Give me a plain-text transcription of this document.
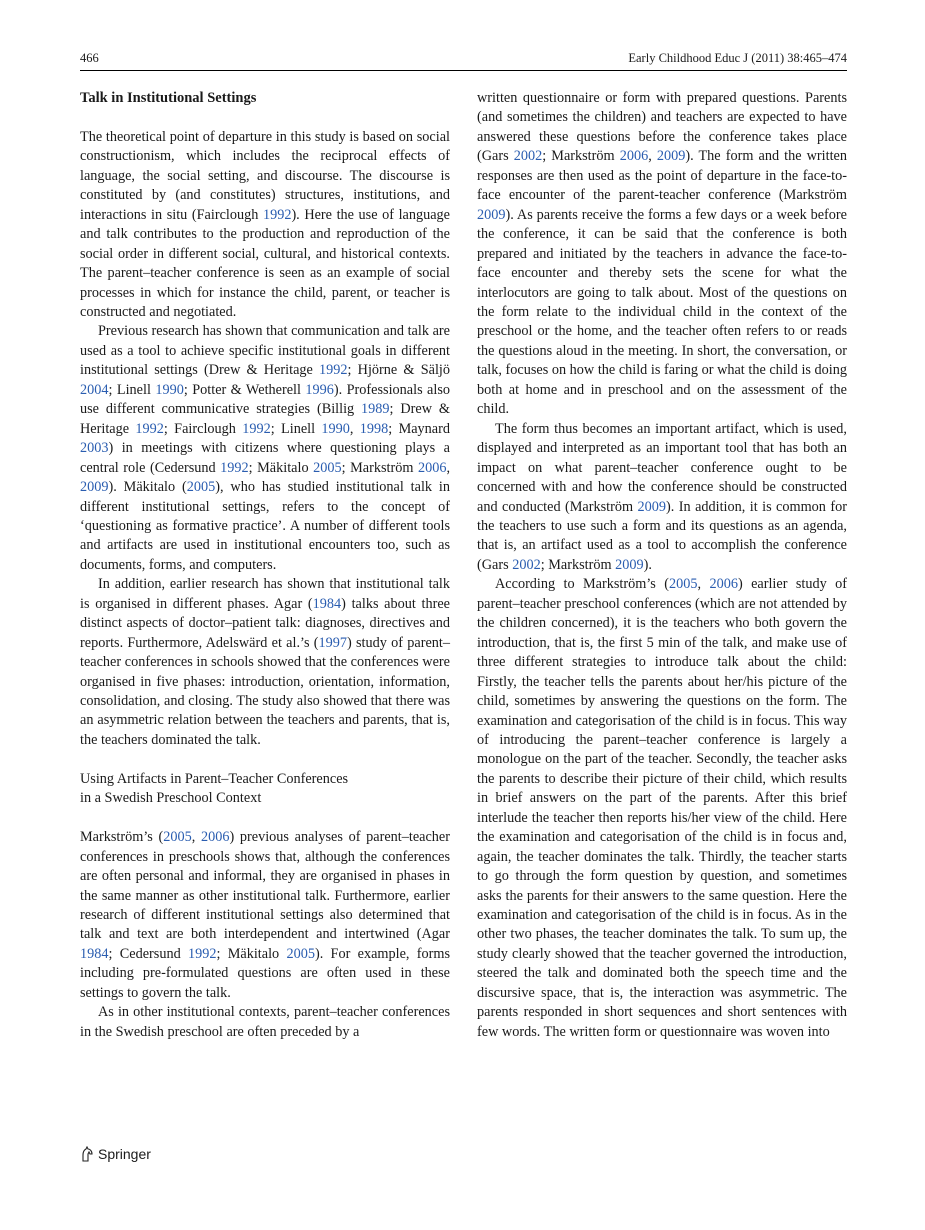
466	Early Childhood Educ J (2011) 38:465–474
Talk in Institutional Settings

The theoretical point of departure in this study is based on social constructionism, which includes the reciprocal effects of language, the social setting, and discourse. The discourse is constituted by (and constitutes) structures, institutions, and interactions in situ (Fairclough 1992). Here the use of language and talk contributes to the production and reproduction of the social order in different social, cultural, and historical contexts. The parent–teacher conference is seen as an example of social processes in which for instance the child, parent, or teacher is constructed and negotiated.

Previous research has shown that communication and talk are used as a tool to achieve specific institutional goals in different institutional settings (Drew & Heritage 1992; Hjörne & Säljö 2004; Linell 1990; Potter & Wetherell 1996). Professionals also use different communicative strategies (Billig 1989; Drew & Heritage 1992; Fairclough 1992; Linell 1990, 1998; Maynard 2003) in meetings with citizens where questioning plays a central role (Cedersund 1992; Mäkitalo 2005; Markström 2006, 2009). Mäkitalo (2005), who has studied institutional talk in different institutional settings, refers to the concept of ‘questioning as formative practice’. A number of different tools and artifacts are used in institutional encounters too, such as documents, forms, and computers.

In addition, earlier research has shown that institutional talk is organised in different phases. Agar (1984) talks about three distinct aspects of doctor–patient talk: diagnoses, directives and reports. Furthermore, Adelswärd et al.’s (1997) study of parent–teacher conferences in schools showed that the conferences were organised in five phases: introduction, orientation, information, consolidation, and closing. The study also showed that there was an asymmetric relation between the teachers and parents, that is, the teachers dominated the talk.

Using Artifacts in Parent–Teacher Conferences
in a Swedish Preschool Context

Markström’s (2005, 2006) previous analyses of parent–teacher conferences in preschools shows that, although the conferences are often personal and informal, they are organised in phases in the same manner as other institutional talk. Furthermore, earlier research of different institutional settings also determined that talk and text are both interdependent and intertwined (Agar 1984; Cedersund 1992; Mäkitalo 2005). For example, forms including pre-formulated questions are often used in these settings to govern the talk.

As in other institutional contexts, parent–teacher conferences in the Swedish preschool are often preceded by a

written questionnaire or form with prepared questions. Parents (and sometimes the children) and teachers are expected to have answered these questions before the conference takes place (Gars 2002; Markström 2006, 2009). The form and the written responses are then used as the point of departure in the face-to-face encounter of the parent-teacher conference (Markström 2009). As parents receive the forms a few days or a week before the conference, it can be said that the conference is both prepared and initiated by the teachers in advance the face-to-face encounter and thereby sets the scene for what the interlocutors are going to talk about. Most of the questions on the form relate to the individual child in the context of the preschool or the home, and the teacher often refers to or reads the questions aloud in the meeting. In short, the conversation, or talk, focuses on how the child is faring or what the child is doing both at home and in preschool and on the assessment of the child.

The form thus becomes an important artifact, which is used, displayed and interpreted as an important tool that has both an impact on what parent–teacher conference ought to be concerned with and how the conference should be constructed and conducted (Markström 2009). In addition, it is common for the teachers to use such a form and its questions as an agenda, that is, an artifact used as a tool to accomplish the conference (Gars 2002; Markström 2009).

According to Markström’s (2005, 2006) earlier study of parent–teacher preschool conferences (which are not attended by the children concerned), it is the teachers who both govern the introduction, that is, the first 5 min of the talk, and make use of three different strategies to introduce talk about the child: Firstly, the teacher tells the parents about her/his picture of the child, sometimes by answering the questions on the form. The examination and categorisation of the child is in focus. This way of introducing the parent–teacher conference is largely a monologue on the part of the teacher. Secondly, the teacher asks the parents to describe their picture of their child, which results in brief answers on the part of the parents. After this brief interlude the teacher then reports his/her view of the child. Here the examination and categorisation of the child is in focus and, again, the teacher dominates the talk. Thirdly, the teacher starts to go through the form question by question, and sometimes asks the parents for their answers to the same question. Here the examination and categorisation of the child is in focus. As in the other two phases, the teacher dominates the talk. To sum up, the study clearly showed that the teacher governed the introduction, steered the talk and dominated both the speech time and the discursive space, that is, the interaction was asymmetric. The parents responded in short sequences and short sentences with few words. The written form or questionnaire was woven into

Springer
